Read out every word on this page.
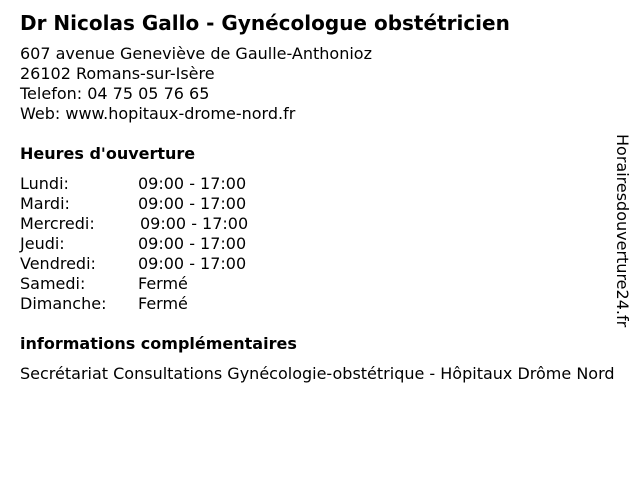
Dr Nicolas Gallo - Gynécologue obstétricien
607 avenue Geneviève de Gaulle-Anthonioz
26102 Romans-sur-Isère
Telefon: 04 75 05 76 65
Web: www.hopitaux-drome-nord.fr
Heures d'ouverture
Lundi:	09:00 - 17:00
Mardi:	09:00 - 17:00
Mercredi:	09:00 - 17:00
Jeudi:	09:00 - 17:00
Vendredi:	09:00 - 17:00
Samedi:	Fermé
Dimanche: Fermé
informations complémentaires
Secrétariat Consultations Gynécologie-obstétrique - Hôpitaux Drôme Nord
Horairesdouverture24.fr
